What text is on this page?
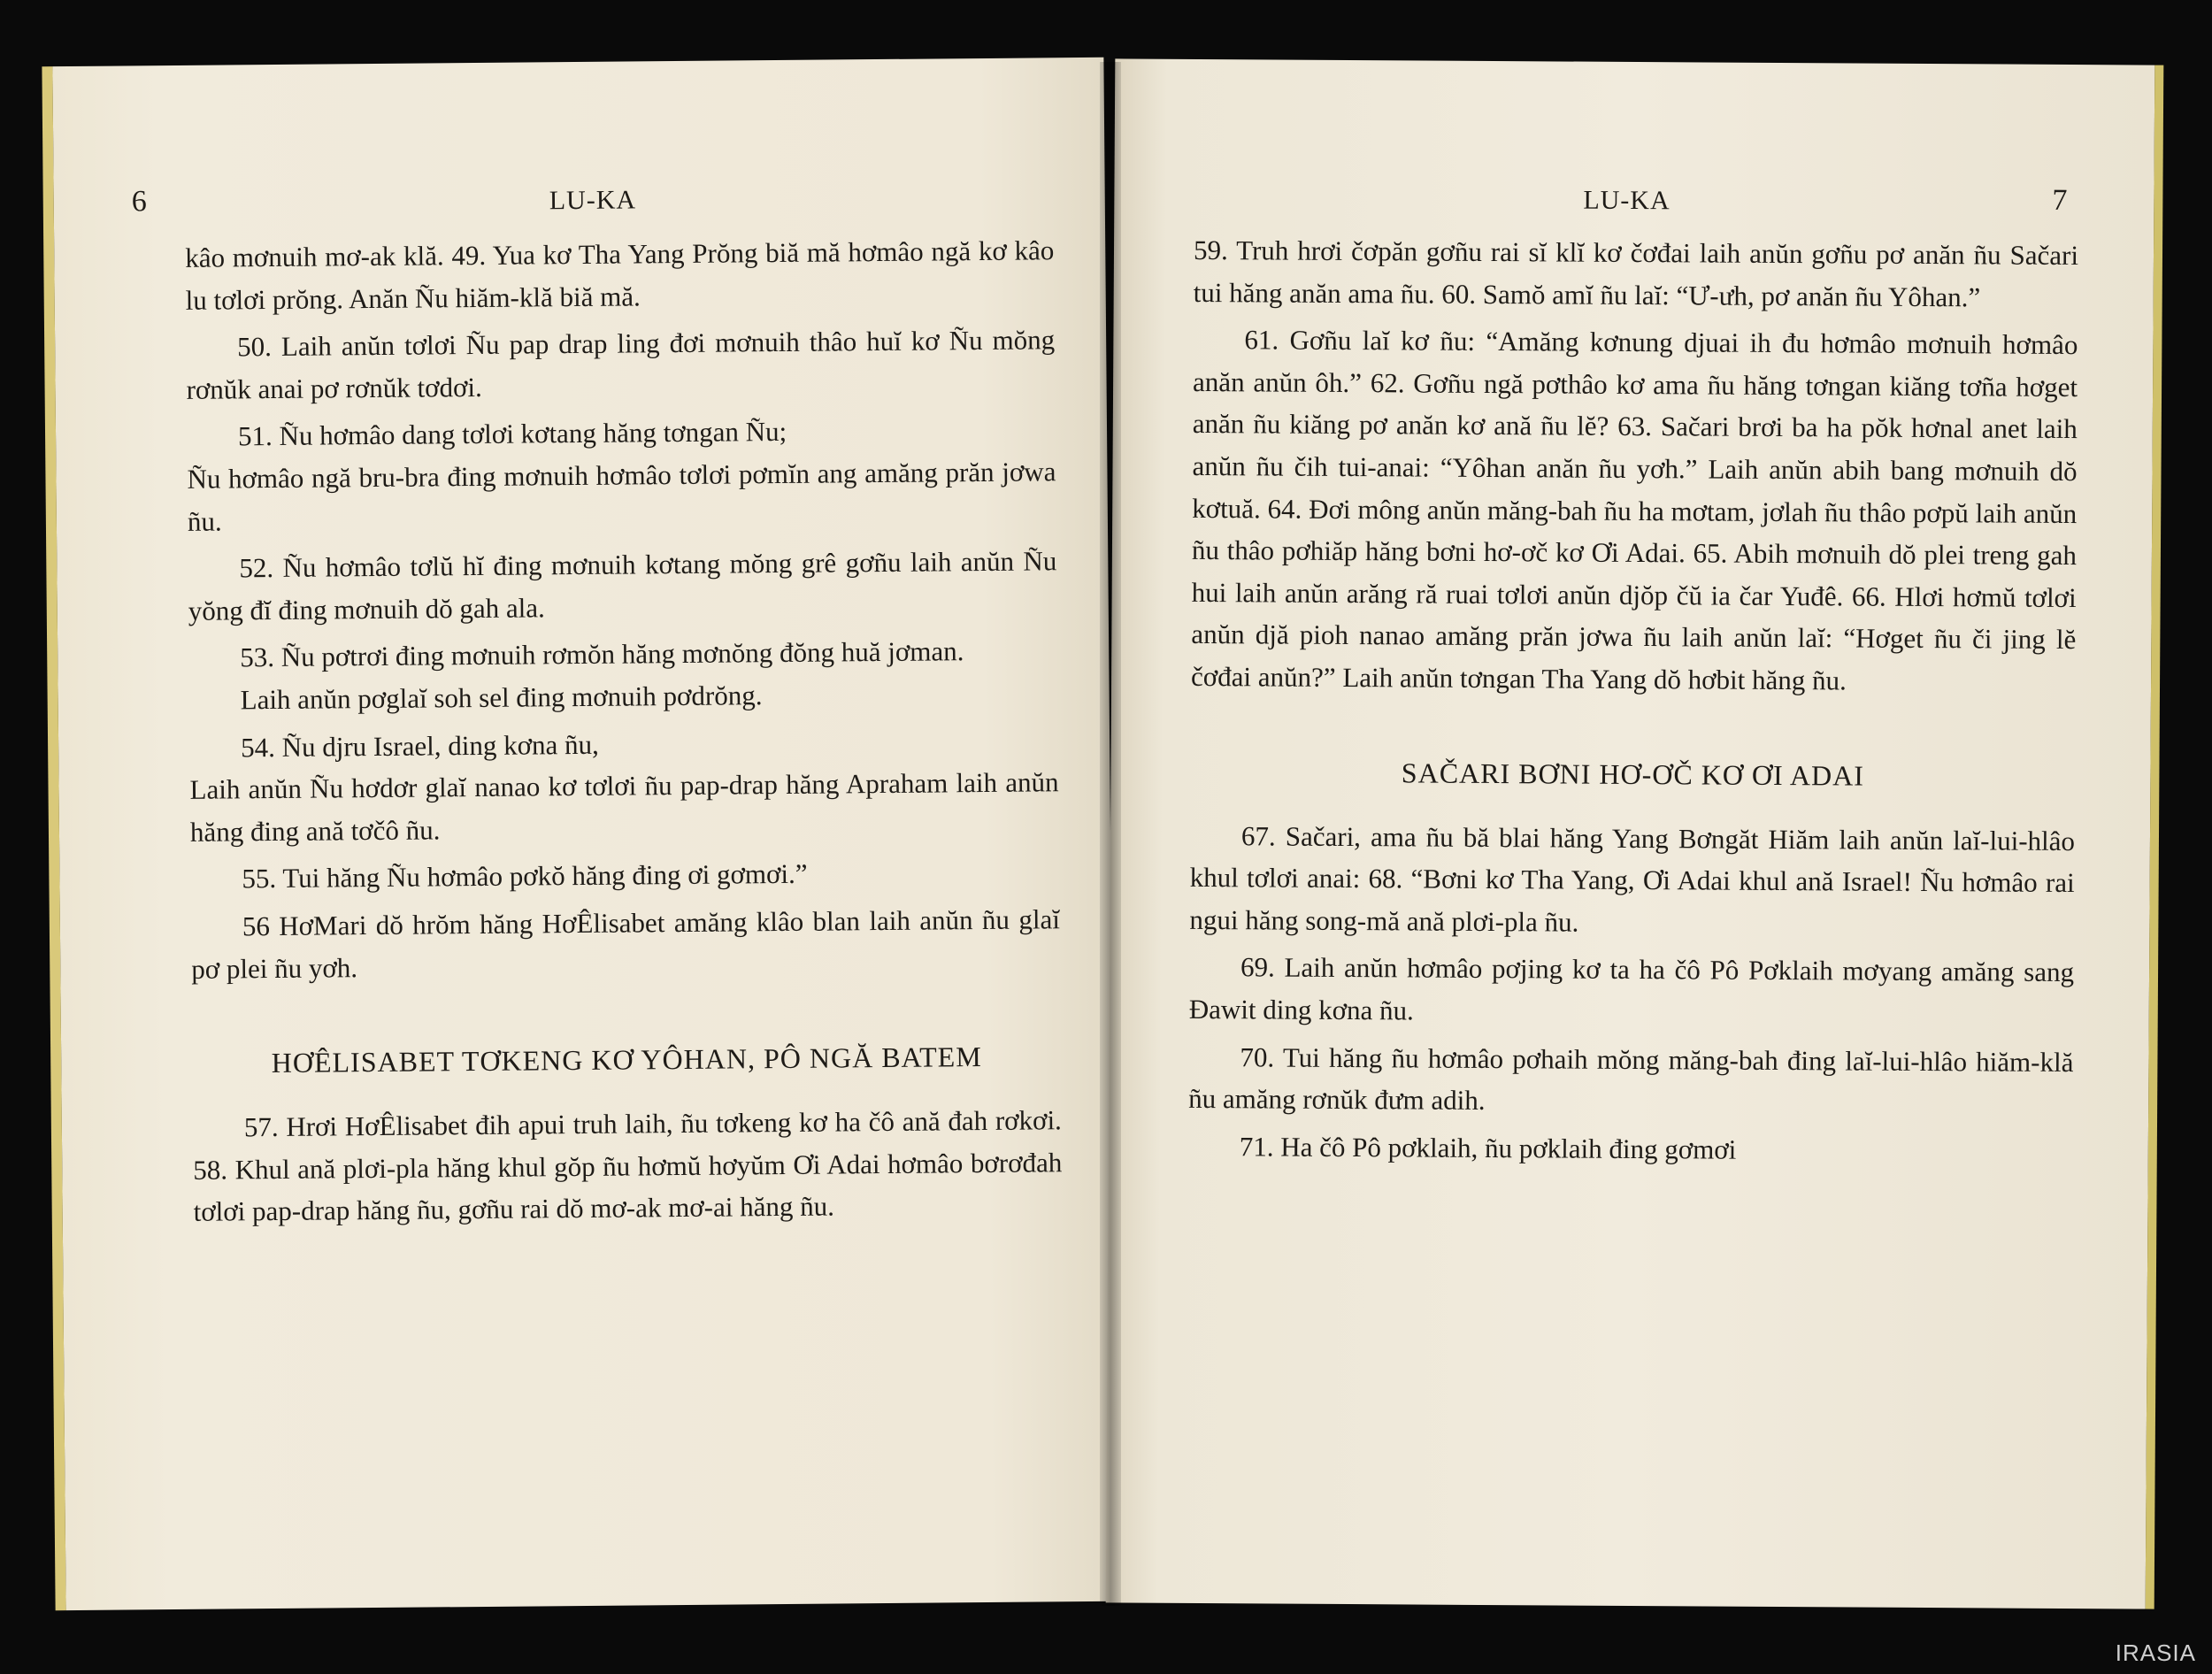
6	LU-KA

kâo mơnuih mơ-ak klă. 49. Yua kơ Tha Yang Prŏng biă mă hơmâo ngă kơ kâo lu tơlơi prŏng. Anăn Ñu hiăm-klă biă mă.

50. Laih anŭn tơlơi Ñu pap drap ling đơi mơnuih thâo huĭ kơ Ñu mŏng rơnŭk anai pơ rơnŭk tơdơi.

51. Ñu hơmâo dang tơlơi kơtang hăng tơngan Ñu;

Ñu hơmâo ngă bru-bra đing mơnuih hơmâo tơlơi pơmĭn ang amăng prăn jơwa ñu.

52. Ñu hơmâo tơlŭ hĭ đing mơnuih kơtang mŏng grê gơñu laih anŭn Ñu yŏng đĭ đing mơnuih dŏ gah ala.

53. Ñu pơtrơi đing mơnuih rơmŏn hăng mơnŏng đŏng huă jơman.

Laih anŭn pơglaĭ soh sel đing mơnuih pơdrŏng.

54. Ñu djru Israel, ding kơna ñu,

Laih anŭn Ñu hơdơr glaĭ nanao kơ tơlơi ñu pap-drap hăng Apraham laih anŭn hăng đing ană tơčô ñu.

55. Tui hăng Ñu hơmâo pơkŏ hăng đing ơi gơmơi.”

56 HơMari dŏ hrŏm hăng HơÊlisabet amăng klâo blan laih anŭn ñu glaĭ pơ plei ñu yơh.

HƠÊLISABET TƠKENG KƠ YÔHAN, PÔ NGĂ BATEM

57. Hrơi HơÊlisabet đih apui truh laih, ñu tơkeng kơ ha čô ană đah rơkơi. 58. Khul ană plơi-pla hăng khul gŏp ñu hơmŭ hơyŭm Ơi Adai hơmâo bơrơđah tơlơi pap-drap hăng ñu, gơñu rai dŏ mơ-ak mơ-ai hăng ñu.

LU-KA	7

59. Truh hrơi čơpăn gơñu rai sĭ klĭ kơ čơđai laih anŭn gơñu pơ anăn ñu Sačari tui hăng anăn ama ñu. 60. Samŏ amĭ ñu laĭ: “Ư-ưh, pơ anăn ñu Yôhan.”

61. Gơñu laĭ kơ ñu: “Amăng kơnung djuai ih đu hơmâo mơnuih hơmâo anăn anŭn ôh.” 62. Gơñu ngă pơthâo kơ ama ñu hăng tơngan kiăng tơña hơget anăn ñu kiăng pơ anăn kơ ană ñu lĕ? 63. Sačari brơi ba ha pŏk hơnal anet laih anŭn ñu čih tui-anai: “Yôhan anăn ñu yơh.” Laih anŭn abih bang mơnuih dŏ kơtuă. 64. Đơi mông anŭn măng-bah ñu ha mơtam, jơlah ñu thâo pơpŭ laih anŭn ñu thâo pơhiăp hăng bơni hơ-ơč kơ Ơi Adai. 65. Abih mơnuih dŏ plei treng gah hui laih anŭn arăng ră ruai tơlơi anŭn djŏp čŭ ia čar Yuđê. 66. Hlơi hơmŭ tơlơi anŭn djă pioh nanao amăng prăn jơwa ñu laih anŭn laĭ: “Hơget ñu či jing lĕ čơđai anŭn?” Laih anŭn tơngan Tha Yang dŏ hơbit hăng ñu.

SAČARI BƠNI HƠ-ƠČ KƠ ƠI ADAI

67. Sačari, ama ñu bă blai hăng Yang Bơngăt Hiăm laih anŭn laĭ-lui-hlâo khul tơlơi anai: 68. “Bơni kơ Tha Yang, Ơi Adai khul ană Israel! Ñu hơmâo rai ngui hăng song-mă ană plơi-pla ñu.

69. Laih anŭn hơmâo pơjing kơ ta ha čô Pô Pơklaih mơyang amăng sang Đawit ding kơna ñu.

70. Tui hăng ñu hơmâo pơhaih mŏng măng-bah đing laĭ-lui-hlâo hiăm-klă ñu amăng rơnŭk đưm adih.

71. Ha čô Pô pơklaih, ñu pơklaih đing gơmơi

IRASIA
